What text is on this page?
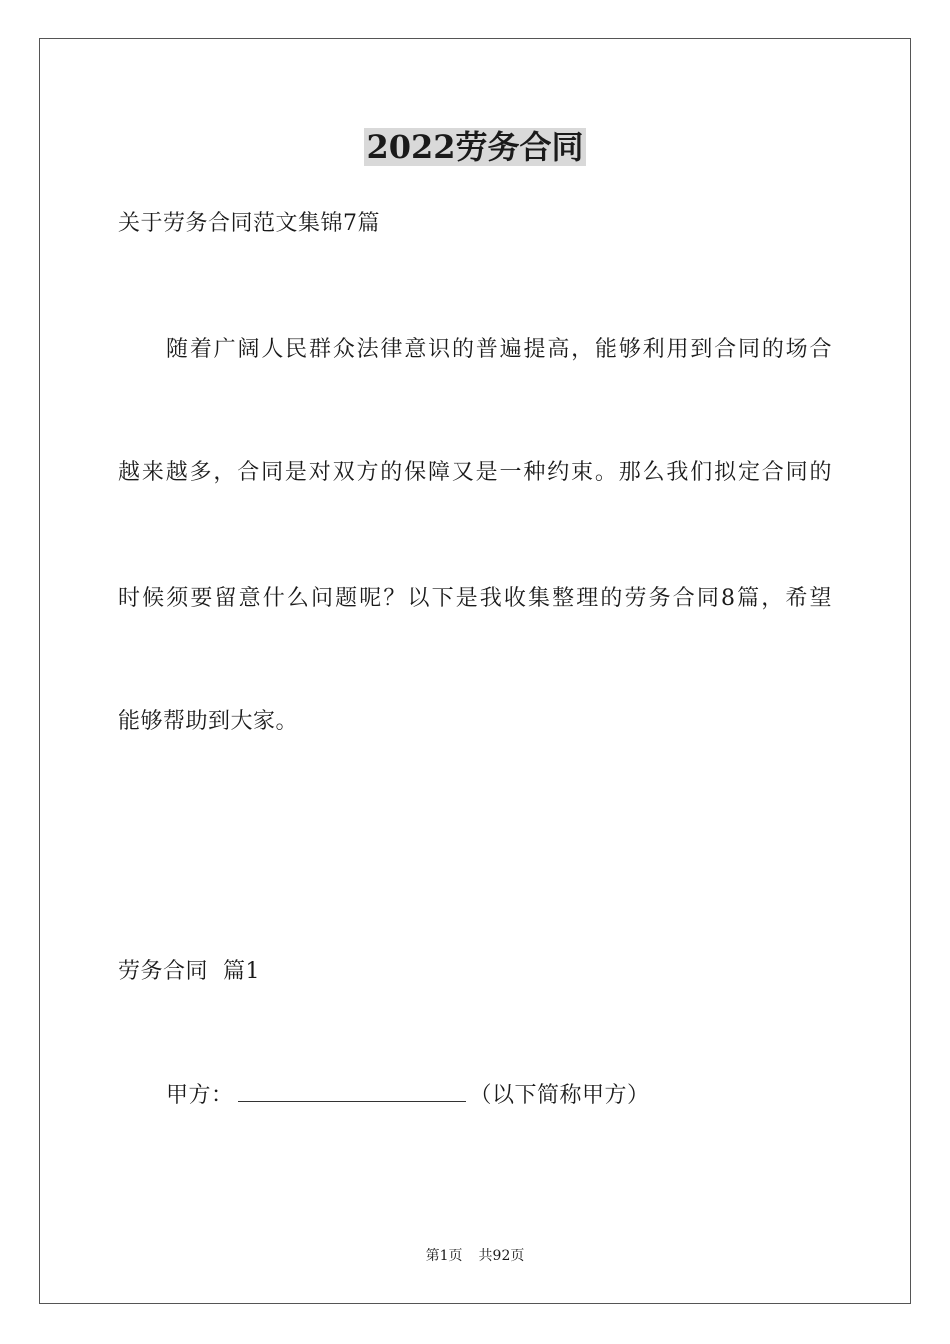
2022劳务合同
关于劳务合同范文集锦7篇
随着广阔人民群众法律意识的普遍提高，能够利用到合同的场合
越来越多，合同是对双方的保障又是一种约束。那么我们拟定合同的
时候须要留意什么问题呢？以下是我收集整理的劳务合同8篇，希望
能够帮助到大家。
劳务合同  篇1
甲方：	（以下简称甲方）
第1页 共92页
